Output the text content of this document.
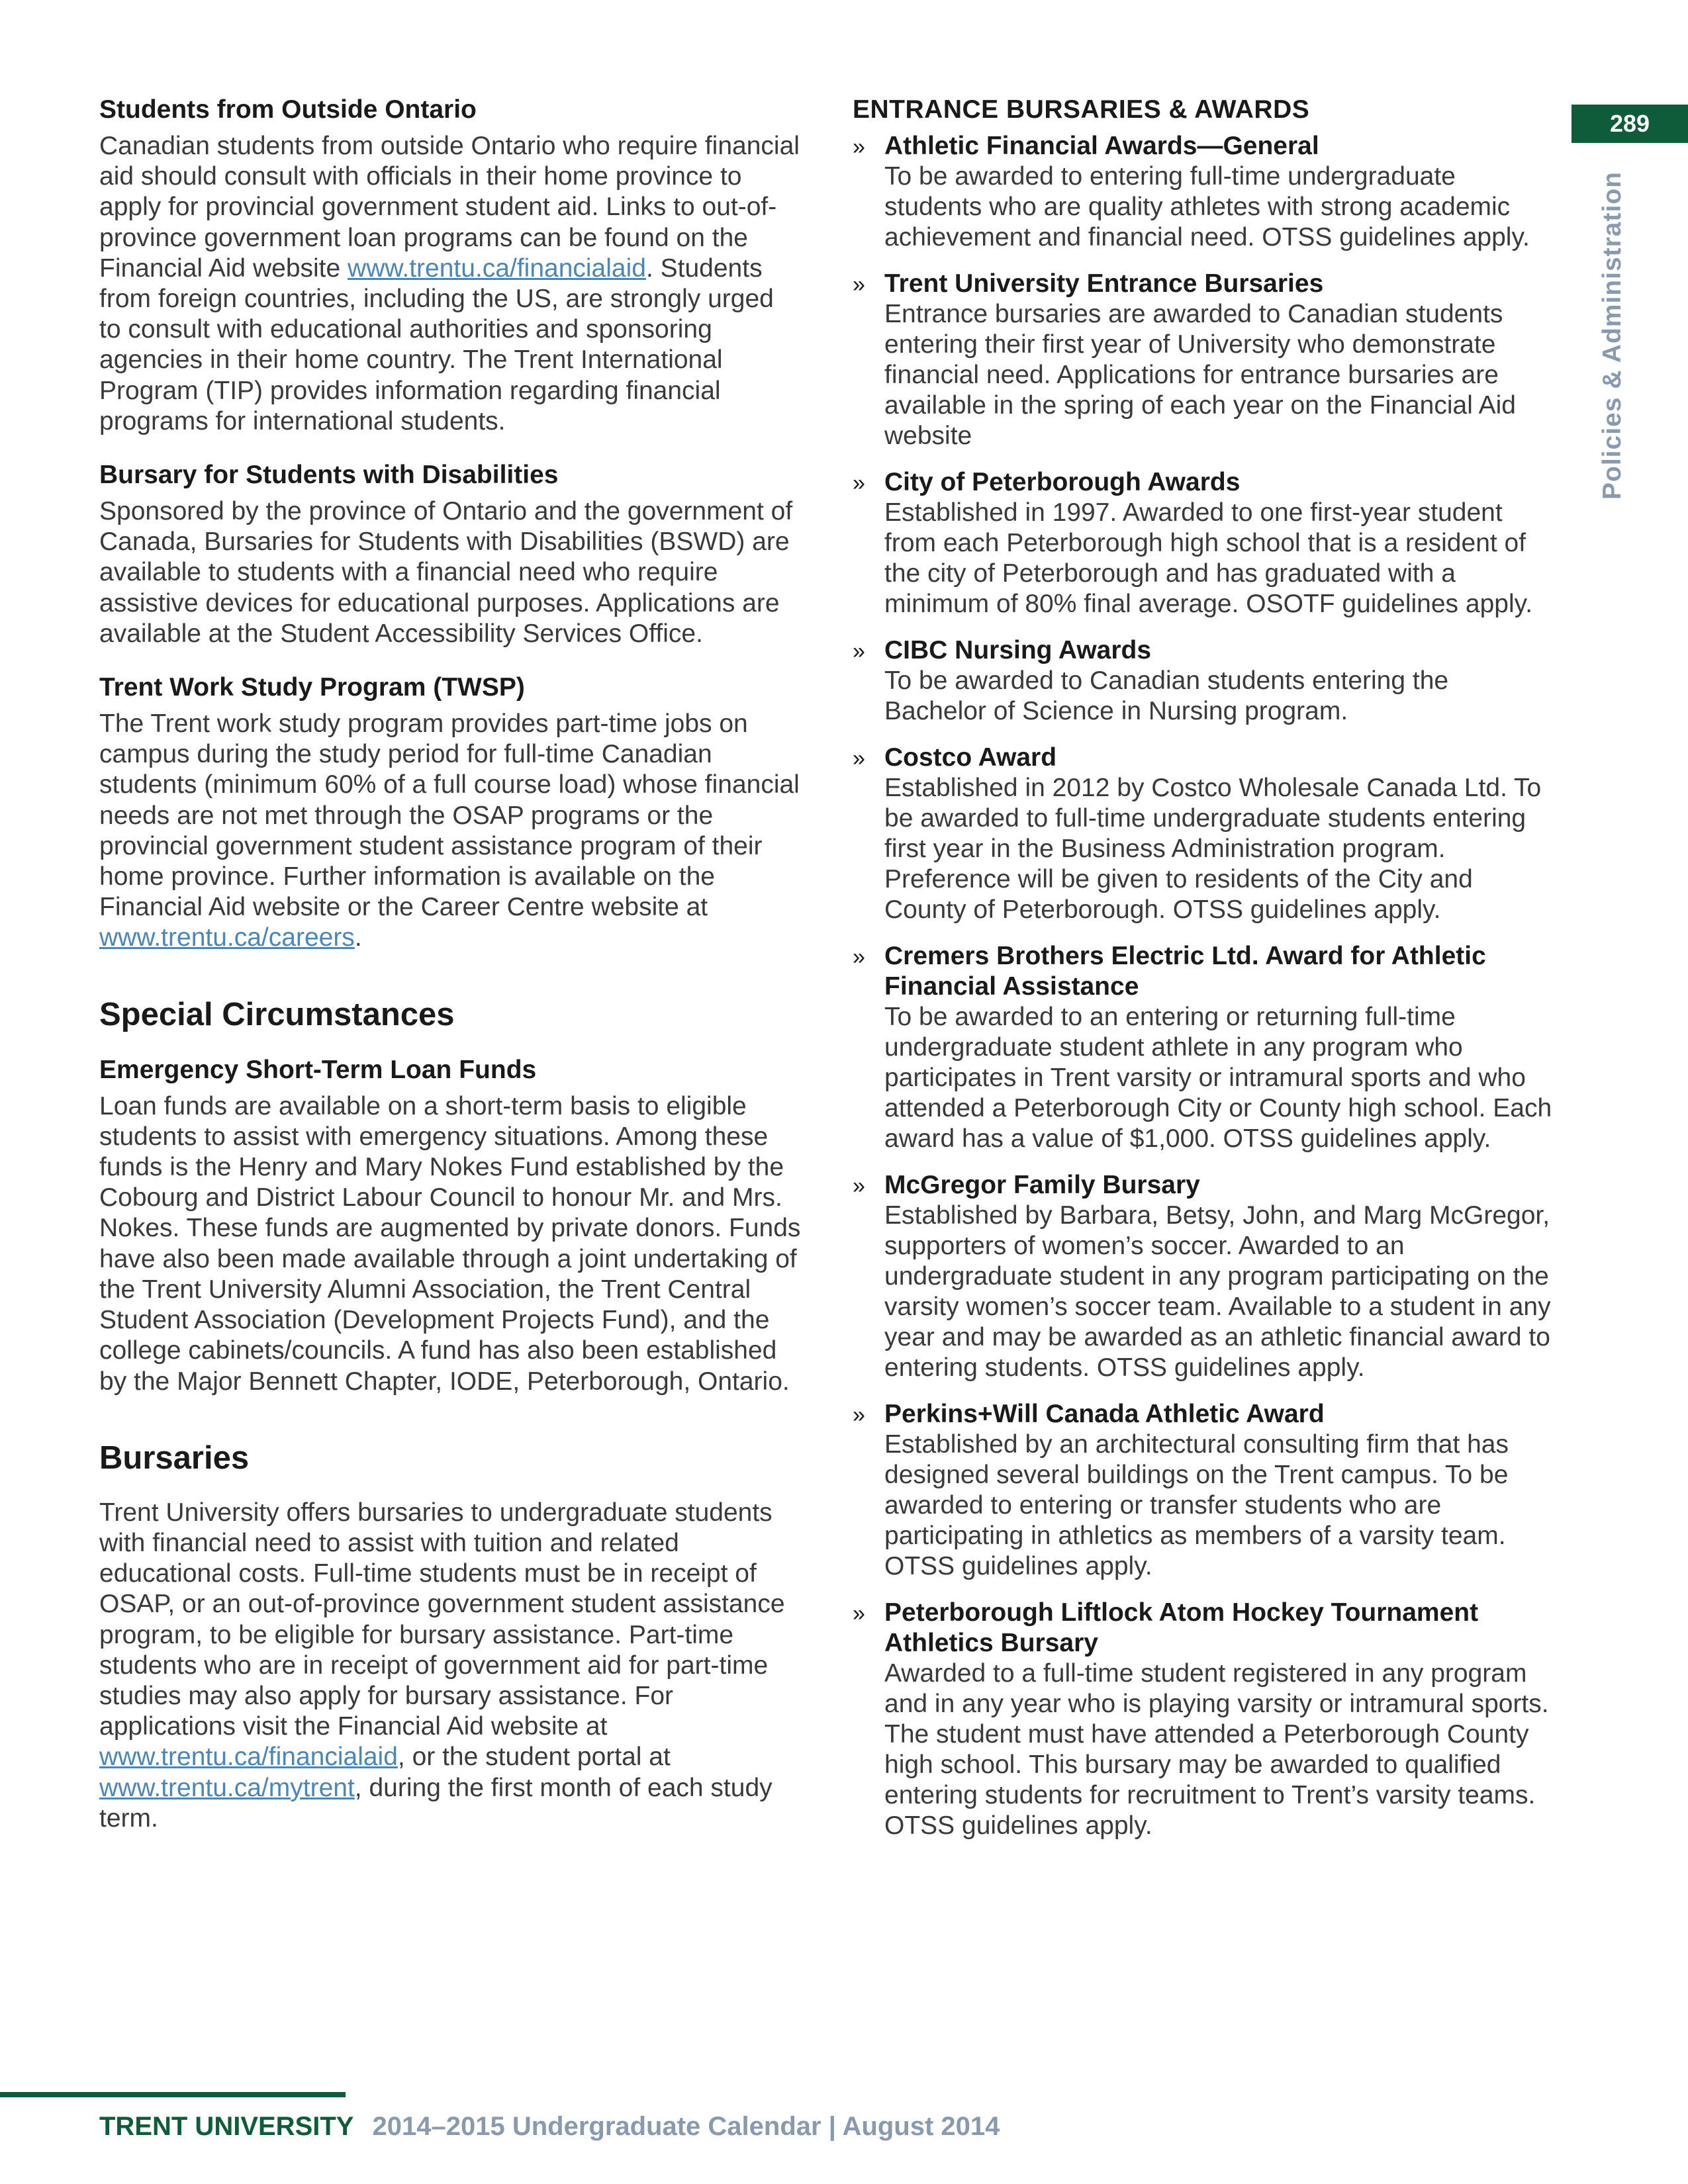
289
Policies & Administration
Students from Outside Ontario
Canadian students from outside Ontario who require financial aid should consult with officials in their home province to apply for provincial government student aid. Links to out-of-province government loan programs can be found on the Financial Aid website www.trentu.ca/financialaid. Students from foreign countries, including the US, are strongly urged to consult with educational authorities and sponsoring agencies in their home country. The Trent International Program (TIP) provides information regarding financial programs for international students.
Bursary for Students with Disabilities
Sponsored by the province of Ontario and the government of Canada, Bursaries for Students with Disabilities (BSWD) are available to students with a financial need who require assistive devices for educational purposes. Applications are available at the Student Accessibility Services Office.
Trent Work Study Program (TWSP)
The Trent work study program provides part-time jobs on campus during the study period for full-time Canadian students (minimum 60% of a full course load) whose financial needs are not met through the OSAP programs or the provincial government student assistance program of their home province. Further information is available on the Financial Aid website or the Career Centre website at www.trentu.ca/careers.
Special Circumstances
Emergency Short-Term Loan Funds
Loan funds are available on a short-term basis to eligible students to assist with emergency situations. Among these funds is the Henry and Mary Nokes Fund established by the Cobourg and District Labour Council to honour Mr. and Mrs. Nokes. These funds are augmented by private donors. Funds have also been made available through a joint undertaking of the Trent University Alumni Association, the Trent Central Student Association (Development Projects Fund), and the college cabinets/councils. A fund has also been established by the Major Bennett Chapter, IODE, Peterborough, Ontario.
Bursaries
Trent University offers bursaries to undergraduate students with financial need to assist with tuition and related educational costs. Full-time students must be in receipt of OSAP, or an out-of-province government student assistance program, to be eligible for bursary assistance. Part-time students who are in receipt of government aid for part-time studies may also apply for bursary assistance. For applications visit the Financial Aid website at www.trentu.ca/financialaid, or the student portal at www.trentu.ca/mytrent, during the first month of each study term.
ENTRANCE BURSARIES & AWARDS
» Athletic Financial Awards—General
To be awarded to entering full-time undergraduate students who are quality athletes with strong academic achievement and financial need. OTSS guidelines apply.
» Trent University Entrance Bursaries
Entrance bursaries are awarded to Canadian students entering their first year of University who demonstrate financial need. Applications for entrance bursaries are available in the spring of each year on the Financial Aid website
» City of Peterborough Awards
Established in 1997. Awarded to one first-year student from each Peterborough high school that is a resident of the city of Peterborough and has graduated with a minimum of 80% final average. OSOTF guidelines apply.
» CIBC Nursing Awards
To be awarded to Canadian students entering the Bachelor of Science in Nursing program.
» Costco Award
Established in 2012 by Costco Wholesale Canada Ltd. To be awarded to full-time undergraduate students entering first year in the Business Administration program. Preference will be given to residents of the City and County of Peterborough. OTSS guidelines apply.
» Cremers Brothers Electric Ltd. Award for Athletic Financial Assistance
To be awarded to an entering or returning full-time undergraduate student athlete in any program who participates in Trent varsity or intramural sports and who attended a Peterborough City or County high school. Each award has a value of $1,000. OTSS guidelines apply.
» McGregor Family Bursary
Established by Barbara, Betsy, John, and Marg McGregor, supporters of women’s soccer. Awarded to an undergraduate student in any program participating on the varsity women’s soccer team. Available to a student in any year and may be awarded as an athletic financial award to entering students. OTSS guidelines apply.
» Perkins+Will Canada Athletic Award
Established by an architectural consulting firm that has designed several buildings on the Trent campus. To be awarded to entering or transfer students who are participating in athletics as members of a varsity team. OTSS guidelines apply.
» Peterborough Liftlock Atom Hockey Tournament Athletics Bursary
Awarded to a full-time student registered in any program and in any year who is playing varsity or intramural sports. The student must have attended a Peterborough County high school. This bursary may be awarded to qualified entering students for recruitment to Trent’s varsity teams. OTSS guidelines apply.
TRENT UNIVERSITY 2014–2015 Undergraduate Calendar | August 2014
